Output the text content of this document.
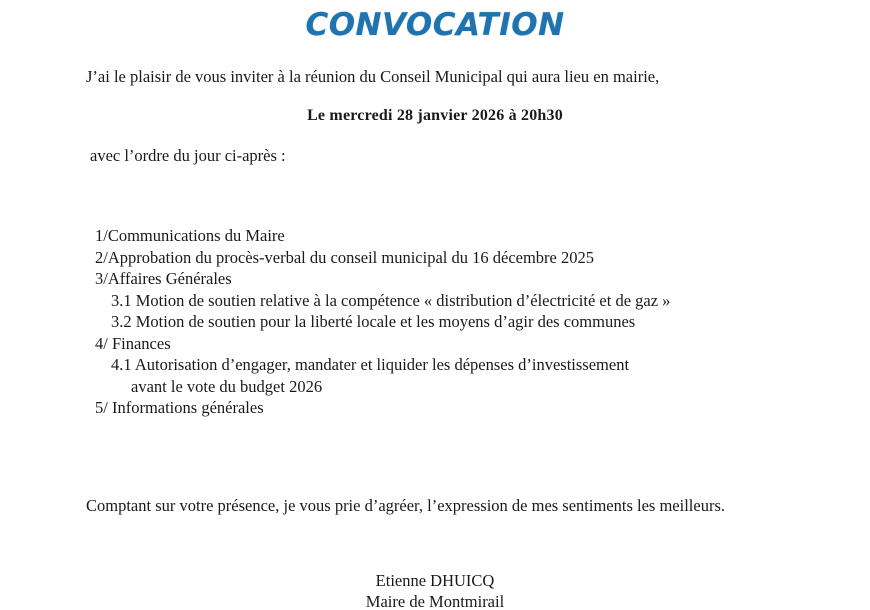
CONVOCATION
J’ai le plaisir de vous inviter à la réunion du Conseil Municipal qui aura lieu en mairie,
Le mercredi 28 janvier 2026 à 20h30
avec l’ordre du jour ci-après :
1/Communications du Maire
2/Approbation du procès-verbal du conseil municipal du 16 décembre 2025
3/Affaires Générales
3.1 Motion de soutien relative à la compétence « distribution d’électricité et de gaz »
3.2 Motion de soutien pour la liberté locale et les moyens d’agir des communes
4/ Finances
4.1 Autorisation d’engager, mandater et liquider les dépenses d’investissement
avant le vote du budget 2026
5/ Informations générales
Comptant sur votre présence, je vous prie d’agréer, l’expression de mes sentiments les meilleurs.
Etienne DHUICQ
Maire de Montmirail
